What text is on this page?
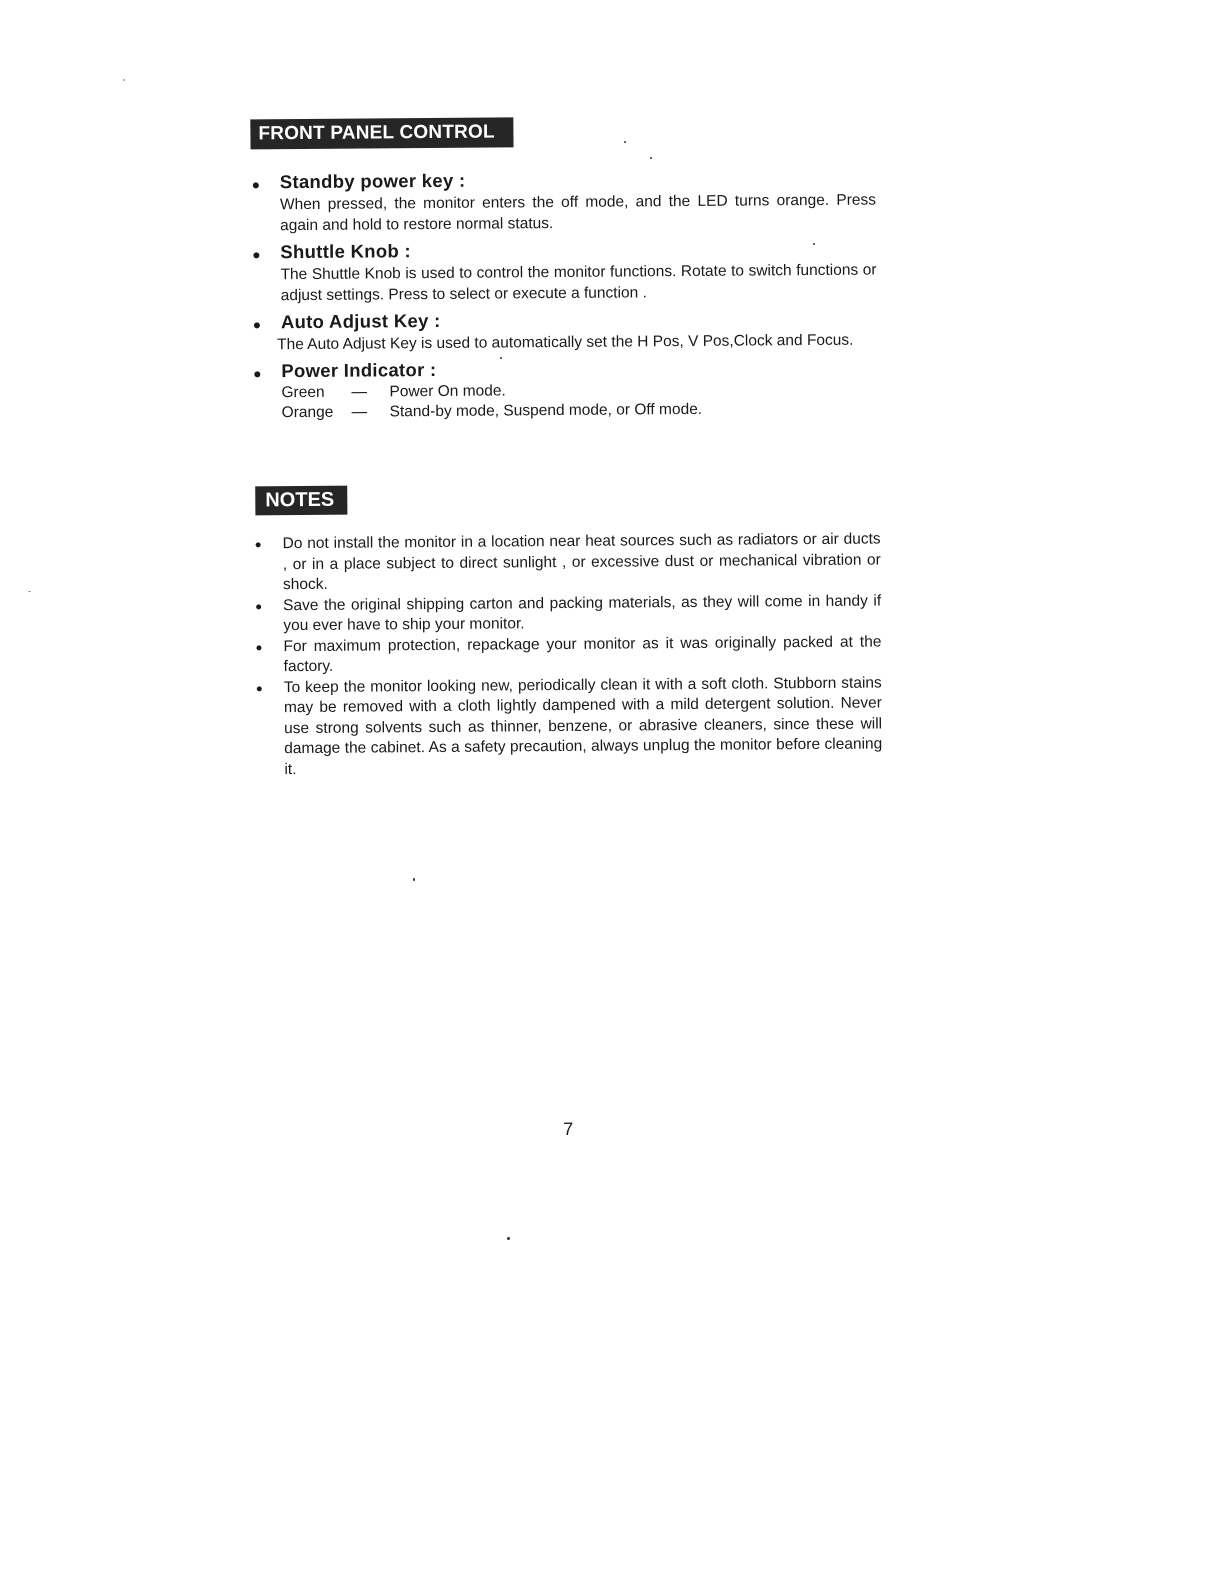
FRONT PANEL CONTROL
Standby power key :
When pressed, the monitor enters the off mode, and the LED turns orange. Press again and hold to restore normal status.
Shuttle Knob :
The Shuttle Knob is used to control the monitor functions. Rotate to switch functions or adjust settings. Press to select or execute a function .
Auto Adjust Key :
The Auto Adjust Key is used to automatically set the H Pos, V Pos,Clock and Focus.
Power Indicator :
Green	—	Power On mode.
Orange	—	Stand-by mode, Suspend mode, or Off mode.
NOTES
Do not install the monitor in a location near heat sources such as radiators or air ducts , or in a place subject to direct sunlight , or excessive dust or mechanical vibration or shock.
Save the original shipping carton and packing materials, as they will come in handy if you ever have to ship your monitor.
For maximum protection, repackage your monitor as it was originally packed at the factory.
To keep the monitor looking new, periodically clean it with a soft cloth. Stubborn stains may be removed with a cloth lightly dampened with a mild detergent solution. Never use strong solvents such as thinner, benzene, or abrasive cleaners, since these will damage the cabinet. As a safety precaution, always unplug the monitor before cleaning it.
7
